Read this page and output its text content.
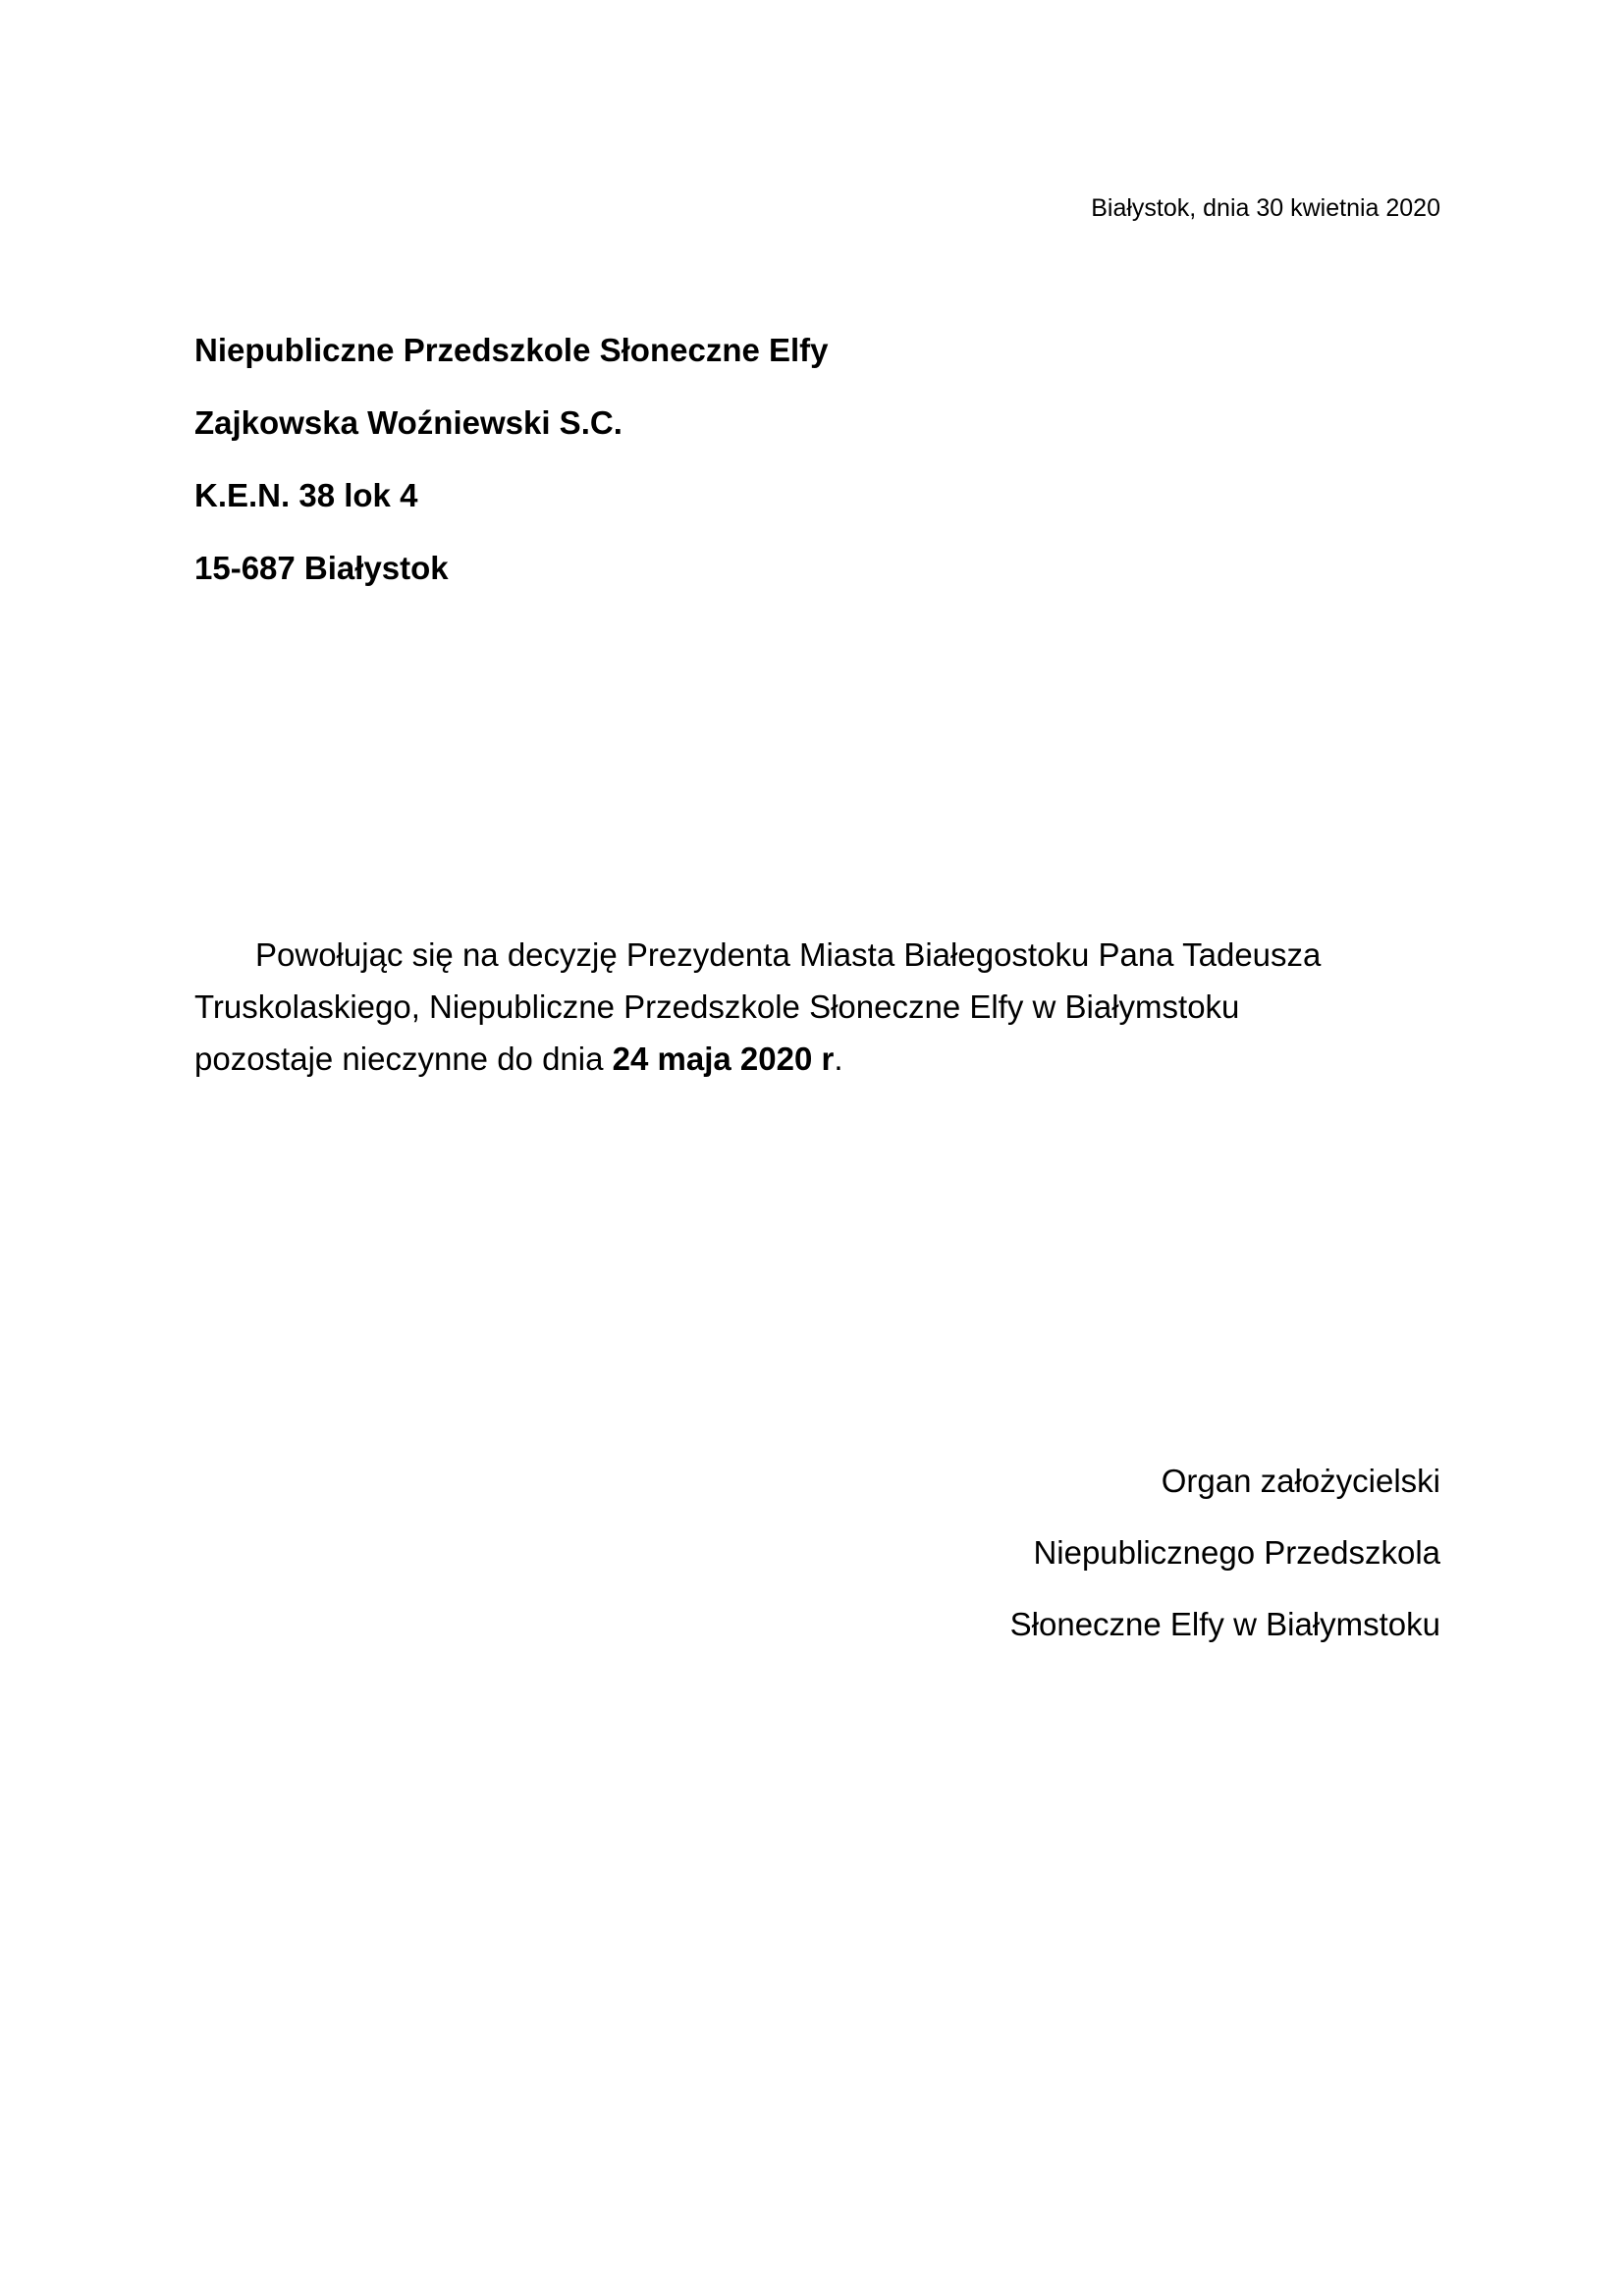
Białystok, dnia 30 kwietnia 2020
Niepubliczne Przedszkole Słoneczne Elfy
Zajkowska Woźniewski S.C.
K.E.N. 38 lok 4
15-687 Białystok
Powołując się na decyzję Prezydenta Miasta Białegostoku Pana Tadeusza
Truskolaskiego, Niepubliczne Przedszkole Słoneczne Elfy w Białymstoku
pozostaje nieczynne do dnia 24 maja 2020 r.
Organ założycielski
Niepublicznego Przedszkola
Słoneczne Elfy w Białymstoku
